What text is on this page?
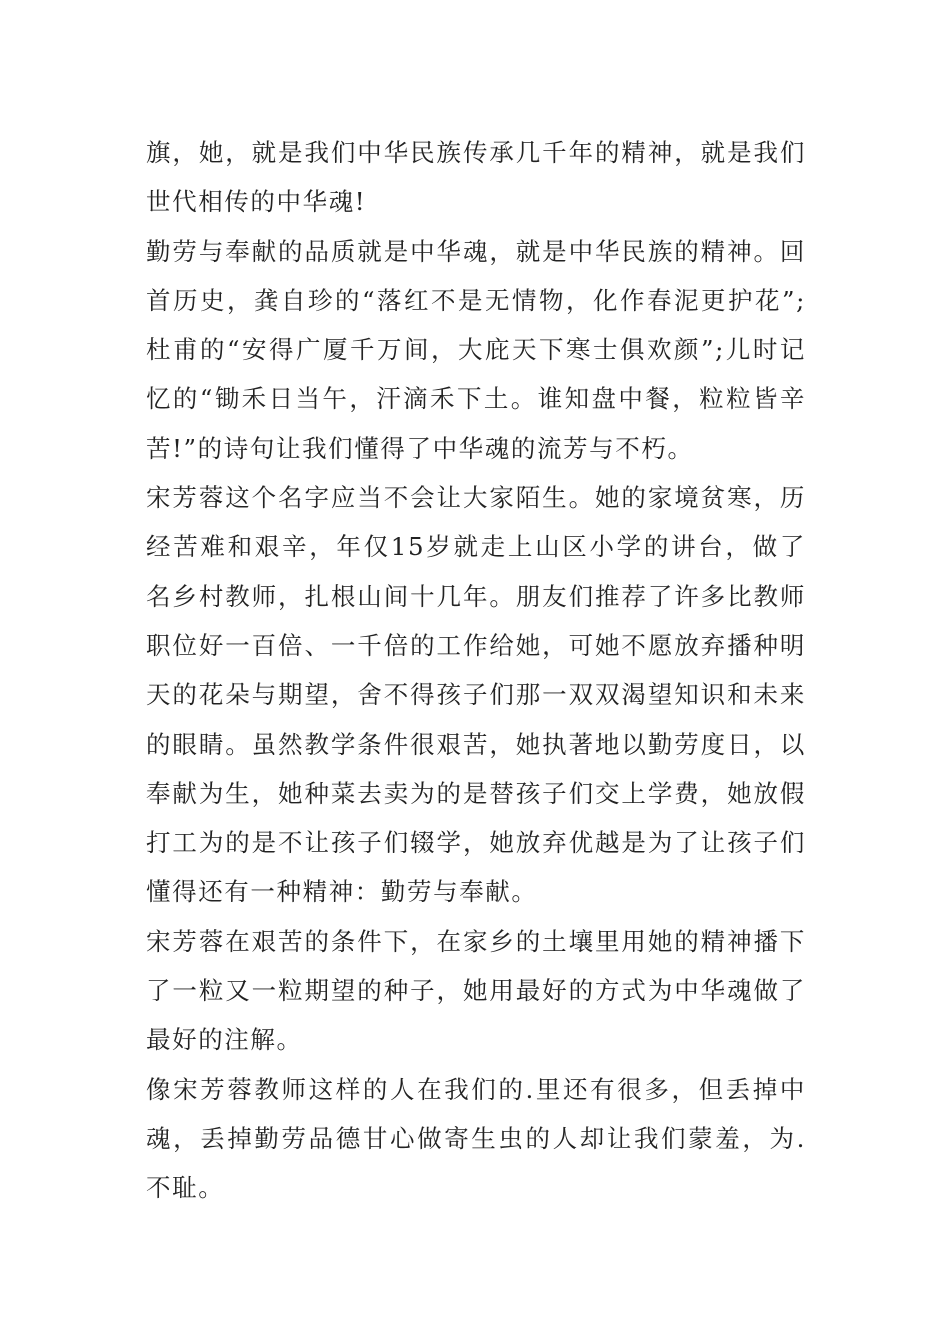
旗，她，就是我们中华民族传承几千年的精神，就是我们
世代相传的中华魂!
勤劳与奉献的品质就是中华魂，就是中华民族的精神。回
首历史，龚自珍的“落红不是无情物，化作春泥更护花”;
杜甫的“安得广厦千万间，大庇天下寒士俱欢颜”;儿时记
忆的“锄禾日当午，汗滴禾下土。谁知盘中餐，粒粒皆辛
苦!”的诗句让我们懂得了中华魂的流芳与不朽。
宋芳蓉这个名字应当不会让大家陌生。她的家境贫寒，历
经苦难和艰辛，年仅15岁就走上山区小学的讲台，做了
名乡村教师，扎根山间十几年。朋友们推荐了许多比教师
职位好一百倍、一千倍的工作给她，可她不愿放弃播种明
天的花朵与期望，舍不得孩子们那一双双渴望知识和未来
的眼睛。虽然教学条件很艰苦，她执著地以勤劳度日，以
奉献为生，她种菜去卖为的是替孩子们交上学费，她放假
打工为的是不让孩子们辍学，她放弃优越是为了让孩子们
懂得还有一种精神：勤劳与奉献。
宋芳蓉在艰苦的条件下，在家乡的土壤里用她的精神播下
了一粒又一粒期望的种子，她用最好的方式为中华魂做了
最好的注解。
像宋芳蓉教师这样的人在我们的.里还有很多，但丢掉中
魂，丢掉勤劳品德甘心做寄生虫的人却让我们蒙羞，为.
不耻。
